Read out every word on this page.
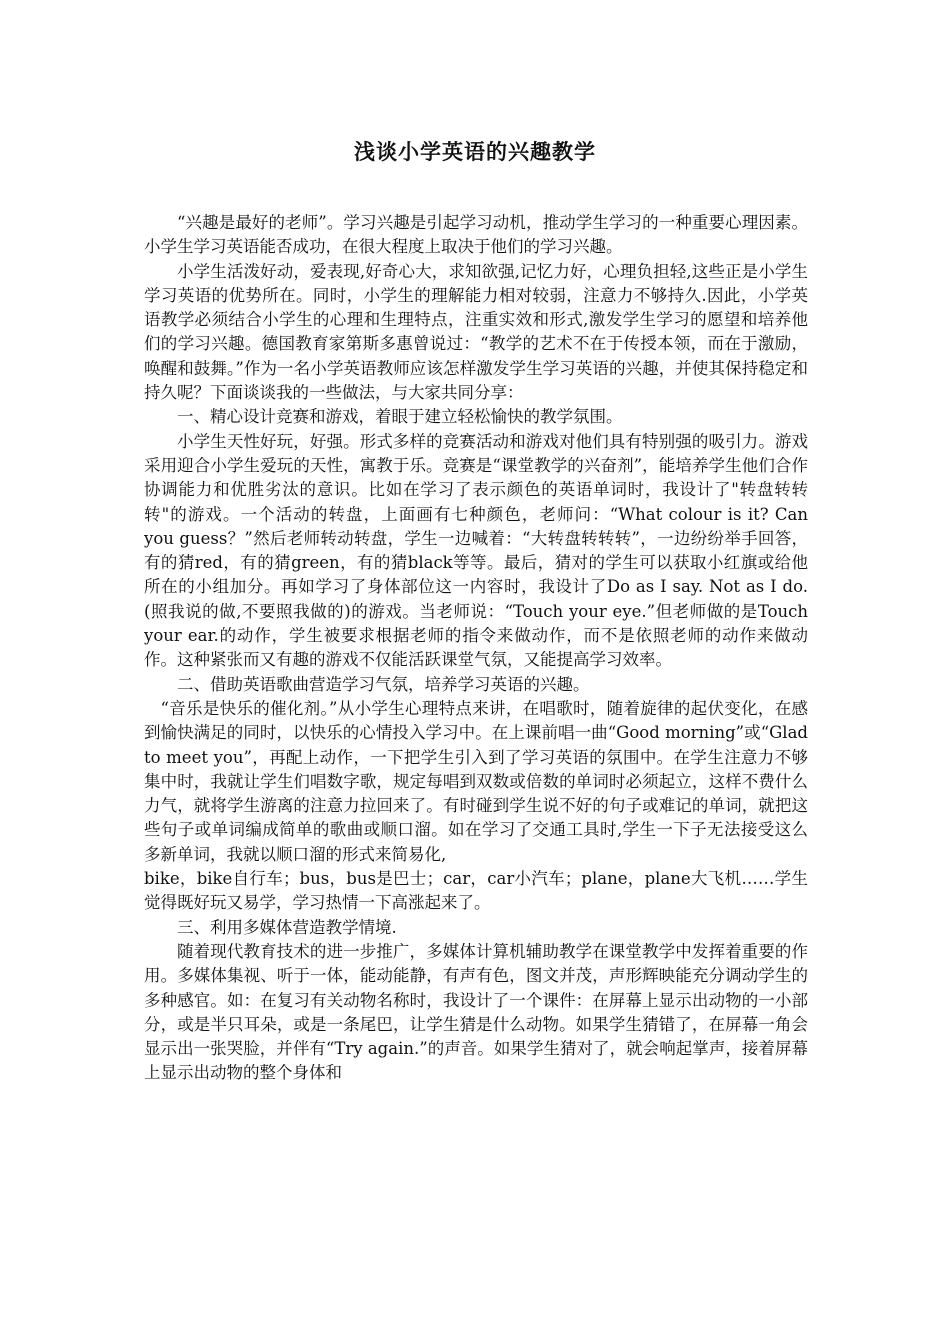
浅谈小学英语的兴趣教学

“兴趣是最好的老师”。学习兴趣是引起学习动机，推动学生学习的一种重要心理因素。小学生学习英语能否成功，在很大程度上取决于他们的学习兴趣。

小学生活泼好动，爱表现,好奇心大，求知欲强,记忆力好，心理负担轻,这些正是小学生学习英语的优势所在。同时，小学生的理解能力相对较弱，注意力不够持久.因此，小学英语教学必须结合小学生的心理和生理特点，注重实效和形式,激发学生学习的愿望和培养他们的学习兴趣。德国教育家第斯多惠曾说过：“教学的艺术不在于传授本领，而在于激励，唤醒和鼓舞。”作为一名小学英语教师应该怎样激发学生学习英语的兴趣，并使其保持稳定和持久呢？下面谈谈我的一些做法，与大家共同分享：

一、精心设计竞赛和游戏，着眼于建立轻松愉快的教学氛围。

小学生天性好玩，好强。形式多样的竞赛活动和游戏对他们具有特别强的吸引力。游戏采用迎合小学生爱玩的天性，寓教于乐。竞赛是“课堂教学的兴奋剂”，能培养学生他们合作协调能力和优胜劣汰的意识。比如在学习了表示颜色的英语单词时，我设计了"转盘转转转"的游戏。一个活动的转盘，上面画有七种颜色，老师问：“What colour is it? Can you guess？”然后老师转动转盘，学生一边喊着：“大转盘转转转”，一边纷纷举手回答，有的猜red，有的猜green，有的猜black等等。最后，猜对的学生可以获取小红旗或给他所在的小组加分。再如学习了身体部位这一内容时，我设计了Do as I say. Not as I do.(照我说的做,不要照我做的)的游戏。当老师说：“Touch your eye.”但老师做的是Touch your ear.的动作，学生被要求根据老师的指令来做动作，而不是依照老师的动作来做动作。这种紧张而又有趣的游戏不仅能活跃课堂气氛，又能提高学习效率。

二、借助英语歌曲营造学习气氛，培养学习英语的兴趣。

“音乐是快乐的催化剂。”从小学生心理特点来讲，在唱歌时，随着旋律的起伏变化，在感到愉快满足的同时，以快乐的心情投入学习中。在上课前唱一曲“Good morning”或“Glad to meet you”，再配上动作，一下把学生引入到了学习英语的氛围中。在学生注意力不够集中时，我就让学生们唱数字歌，规定每唱到双数或倍数的单词时必须起立，这样不费什么力气，就将学生游离的注意力拉回来了。有时碰到学生说不好的句子或难记的单词，就把这些句子或单词编成简单的歌曲或顺口溜。如在学习了交通工具时,学生一下子无法接受这么多新单词，我就以顺口溜的形式来简易化,

bike，bike自行车；bus，bus是巴士；car，car小汽车；plane，plane大飞机……学生觉得既好玩又易学，学习热情一下高涨起来了。

三、利用多媒体营造教学情境.

随着现代教育技术的进一步推广，多媒体计算机辅助教学在课堂教学中发挥着重要的作用。多媒体集视、听于一体，能动能静，有声有色，图文并茂，声形辉映能充分调动学生的多种感官。如：在复习有关动物名称时，我设计了一个课件：在屏幕上显示出动物的一小部分，或是半只耳朵，或是一条尾巴，让学生猜是什么动物。如果学生猜错了，在屏幕一角会显示出一张哭脸，并伴有“Try again.”的声音。如果学生猜对了，就会响起掌声，接着屏幕上显示出动物的整个身体和
